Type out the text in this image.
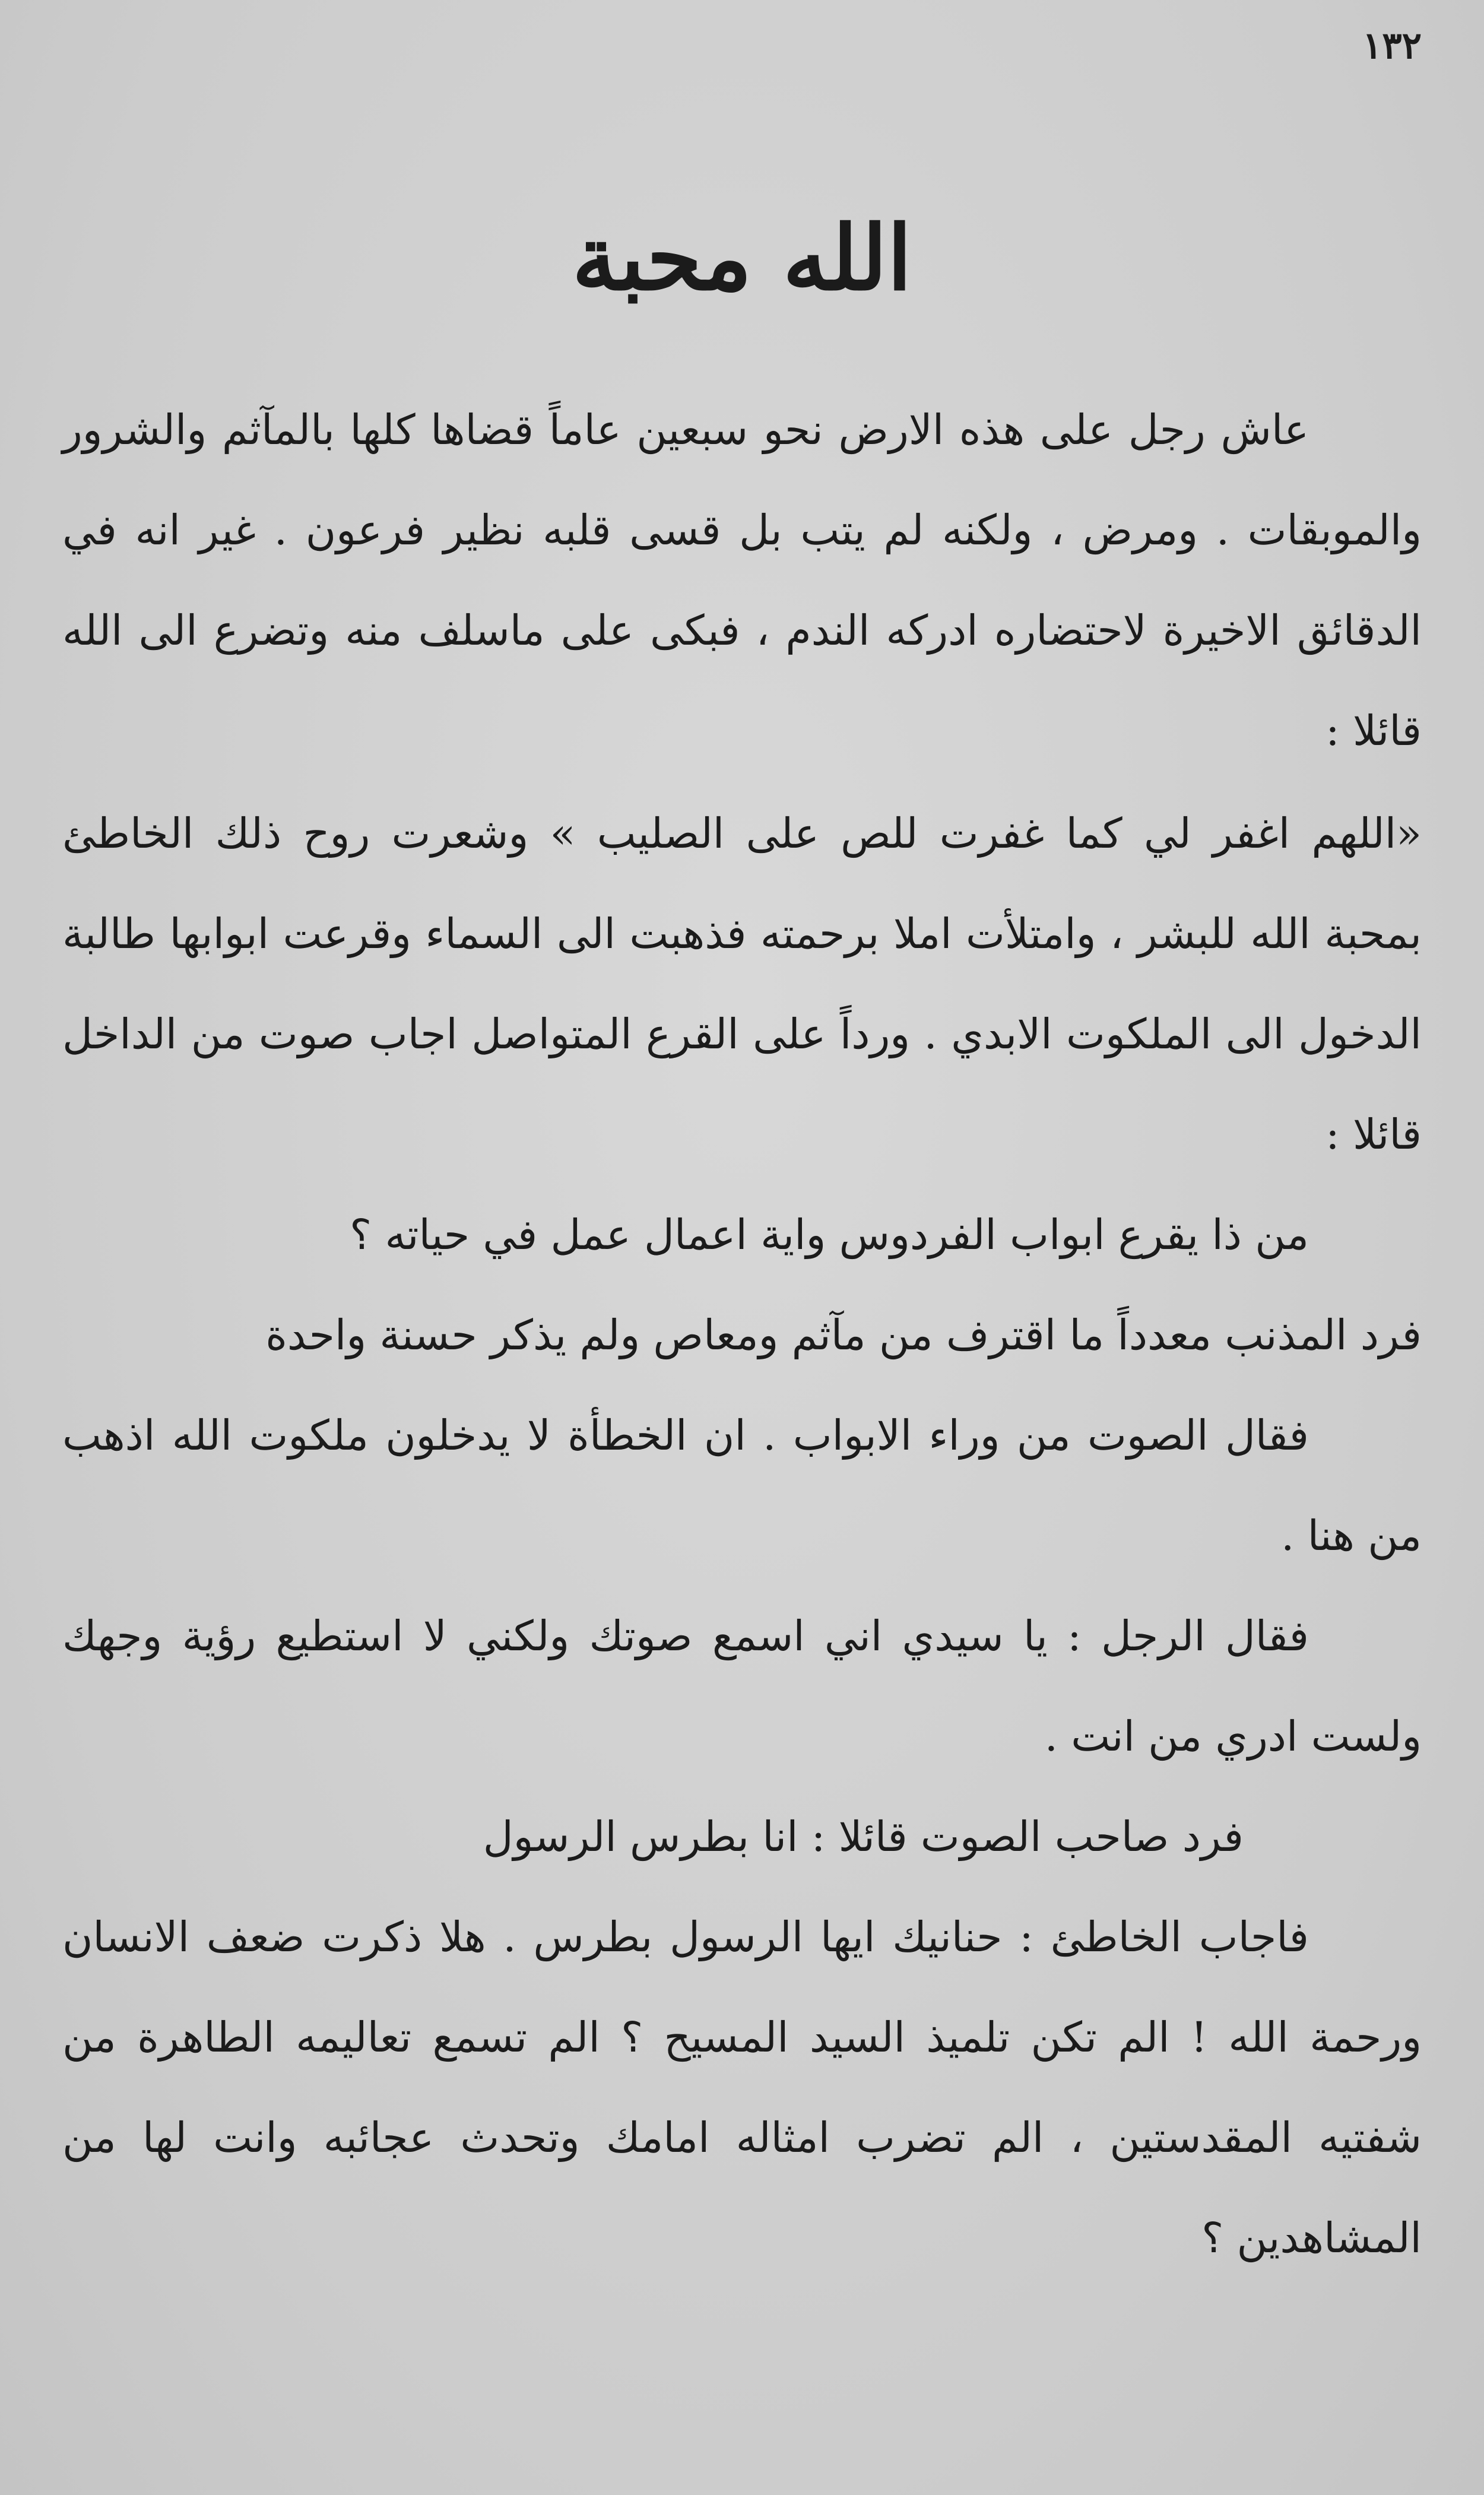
١٣٢
الله محبة

عاش رجل على هذه الارض نحو سبعين عاماً قضاها كلها بالمآثم والشرور والموبقات . ومرض ، ولكنه لم يتب بل قسى قلبه نظير فرعون . غير انه في الدقائق الاخيرة لاحتضاره ادركه الندم ، فبكى على ماسلف منه وتضرع الى الله قائلا :

«اللهم اغفر لي كما غفرت للص على الصليب » وشعرت روح ذلك الخاطئ بمحبة الله للبشر ، وامتلأت املا برحمته فذهبت الى السماء وقرعت ابوابها طالبة الدخول الى الملكوت الابدي . ورداً على القرع المتواصل اجاب صوت من الداخل قائلا :

من ذا يقرع ابواب الفردوس واية اعمال عمل في حياته ؟

فرد المذنب معدداً ما اقترف من مآثم ومعاص ولم يذكر حسنة واحدة

فقال الصوت من وراء الابواب . ان الخطأة لا يدخلون ملكوت الله اذهب من هنا .

فقال الرجل : يا سيدي اني اسمع صوتك ولكني لا استطيع رؤية وجهك ولست ادري من انت .

فرد صاحب الصوت قائلا : انا بطرس الرسول

فاجاب الخاطئ : حنانيك ايها الرسول بطرس . هلا ذكرت ضعف الانسان ورحمة الله ! الم تكن تلميذ السيد المسيح ؟ الم تسمع تعاليمه الطاهرة من شفتيه المقدستين ، الم تضرب امثاله امامك وتحدث عجائبه وانت لها من المشاهدين ؟
